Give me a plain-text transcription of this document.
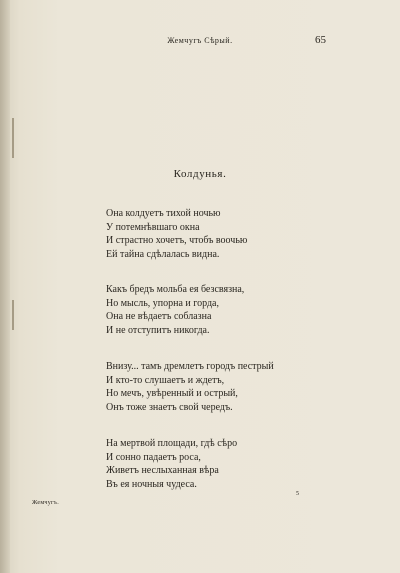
Жемчугъ Сѣрый.	65
Колдунья.
Она колдуетъ тихой ночью
У потемнѣвшаго окна
И страстно хочетъ, чтобъ воочью
Ей тайна сдѣлалась видна.
Какъ бредъ мольба ея безсвязна,
Но мысль, упорна и горда,
Она не вѣдаетъ соблазна
И не отступитъ никогда.
Внизу... тамъ дремлетъ городъ пестрый
И кто-то слушаетъ и ждетъ,
Но мечъ, увѣренный и острый,
Онъ тоже знаетъ свой чередъ.
На мертвой площади, гдѣ сѣро
И сонно падаетъ роса,
Живетъ неслыханная вѣра
Въ ея ночныя чудеса.
Жемчугъ.
5
